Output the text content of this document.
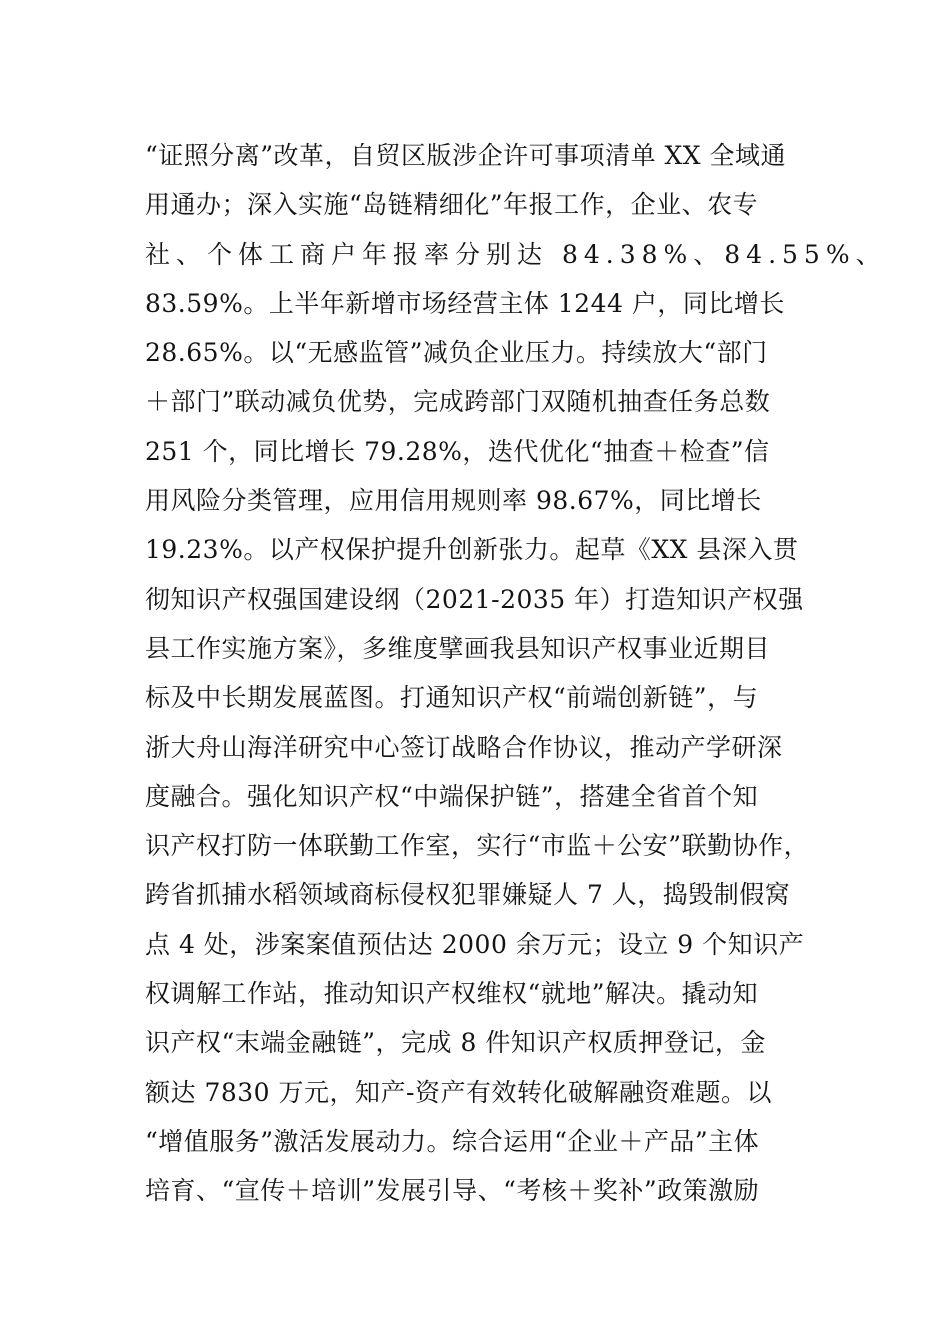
“证照分离”改革，自贸区版涉企许可事项清单 XX 全域通
用通办；深入实施“岛链精细化”年报工作，企业、农专
社、个体工商户年报率分别达 84.38%、84.55%、
83.59%。上半年新增市场经营主体 1244 户，同比增长
28.65%。以“无感监管”减负企业压力。持续放大“部门
＋部门”联动减负优势，完成跨部门双随机抽查任务总数
251 个，同比增长 79.28%，迭代优化“抽查＋检查”信
用风险分类管理，应用信用规则率 98.67%，同比增长
19.23%。以产权保护提升创新张力。起草《XX 县深入贯
彻知识产权强国建设纲（2021-2035 年）打造知识产权强
县工作实施方案》，多维度擘画我县知识产权事业近期目
标及中长期发展蓝图。打通知识产权“前端创新链”，与
浙大舟山海洋研究中心签订战略合作协议，推动产学研深
度融合。强化知识产权“中端保护链”，搭建全省首个知
识产权打防一体联勤工作室，实行“市监＋公安”联勤协作，
跨省抓捕水稻领域商标侵权犯罪嫌疑人 7 人，捣毁制假窝
点 4 处，涉案案值预估达 2000 余万元；设立 9 个知识产
权调解工作站，推动知识产权维权“就地”解决。撬动知
识产权“末端金融链”，完成 8 件知识产权质押登记，金
额达 7830 万元，知产-资产有效转化破解融资难题。以
“增值服务”激活发展动力。综合运用“企业＋产品”主体
培育、“宣传＋培训”发展引导、“考核＋奖补”政策激励
